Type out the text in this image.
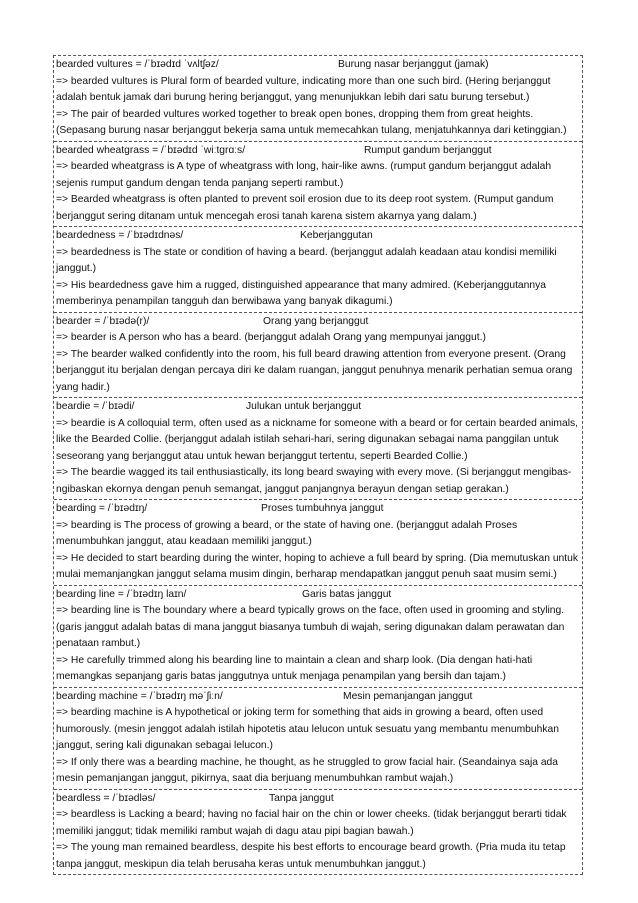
bearded vultures = /ˈbɪədɪd ˈvʌltʃəz/	Burung nasar berjanggut (jamak)

=> bearded vultures is Plural form of bearded vulture, indicating more than one such bird. (Hering berjanggut adalah bentuk jamak dari burung hering berjanggut, yang menunjukkan lebih dari satu burung tersebut.)

=> The pair of bearded vultures worked together to break open bones, dropping them from great heights. (Sepasang burung nasar berjanggut bekerja sama untuk memecahkan tulang, menjatuhkannya dari ketinggian.)

bearded wheatgrass = /ˈbɪədɪd ˈwiːtgrɑːs/	Rumput gandum berjanggut

=> bearded wheatgrass is A type of wheatgrass with long, hair-like awns. (rumput gandum berjanggut adalah sejenis rumput gandum dengan tenda panjang seperti rambut.)

=> Bearded wheatgrass is often planted to prevent soil erosion due to its deep root system. (Rumput gandum berjanggut sering ditanam untuk mencegah erosi tanah karena sistem akarnya yang dalam.)

beardedness = /ˈbɪədɪdnəs/	Keberjanggutan

=> beardedness is The state or condition of having a beard. (berjanggut adalah keadaan atau kondisi memiliki janggut.)

=> His beardedness gave him a rugged, distinguished appearance that many admired. (Keberjanggutannya memberinya penampilan tangguh dan berwibawa yang banyak dikagumi.)

bearder = /ˈbɪədə(r)/	Orang yang berjanggut

=> bearder is A person who has a beard. (berjanggut adalah Orang yang mempunyai janggut.)

=> The bearder walked confidently into the room, his full beard drawing attention from everyone present. (Orang berjanggut itu berjalan dengan percaya diri ke dalam ruangan, janggut penuhnya menarik perhatian semua orang yang hadir.)

beardie = /ˈbɪədi/	Julukan untuk berjanggut

=> beardie is A colloquial term, often used as a nickname for someone with a beard or for certain bearded animals, like the Bearded Collie. (berjanggut adalah istilah sehari-hari, sering digunakan sebagai nama panggilan untuk seseorang yang berjanggut atau untuk hewan berjanggut tertentu, seperti Bearded Collie.)

=> The beardie wagged its tail enthusiastically, its long beard swaying with every move. (Si berjanggut mengibas-ngibaskan ekornya dengan penuh semangat, janggut panjangnya berayun dengan setiap gerakan.)

bearding = /ˈbɪədɪŋ/	Proses tumbuhnya janggut

=> bearding is The process of growing a beard, or the state of having one. (berjanggut adalah Proses menumbuhkan janggut, atau keadaan memiliki janggut.)

=> He decided to start bearding during the winter, hoping to achieve a full beard by spring. (Dia memutuskan untuk mulai memanjangkan janggut selama musim dingin, berharap mendapatkan janggut penuh saat musim semi.)

bearding line = /ˈbɪədɪŋ laɪn/	Garis batas janggut

=> bearding line is The boundary where a beard typically grows on the face, often used in grooming and styling. (garis janggut adalah batas di mana janggut biasanya tumbuh di wajah, sering digunakan dalam perawatan dan penataan rambut.)

=> He carefully trimmed along his bearding line to maintain a clean and sharp look. (Dia dengan hati-hati memangkas sepanjang garis batas janggutnya untuk menjaga penampilan yang bersih dan tajam.)

bearding machine = /ˈbɪədɪŋ məˈʃiːn/	Mesin pemanjangan janggut

=> bearding machine is A hypothetical or joking term for something that aids in growing a beard, often used humorously. (mesin jenggot adalah istilah hipotetis atau lelucon untuk sesuatu yang membantu menumbuhkan janggut, sering kali digunakan sebagai lelucon.)

=> If only there was a bearding machine, he thought, as he struggled to grow facial hair. (Seandainya saja ada mesin pemanjangan janggut, pikirnya, saat dia berjuang menumbuhkan rambut wajah.)

beardless = /ˈbɪədləs/	Tanpa janggut

=> beardless is Lacking a beard; having no facial hair on the chin or lower cheeks. (tidak berjanggut berarti tidak memiliki janggut; tidak memiliki rambut wajah di dagu atau pipi bagian bawah.)

=> The young man remained beardless, despite his best efforts to encourage beard growth. (Pria muda itu tetap tanpa janggut, meskipun dia telah berusaha keras untuk menumbuhkan janggut.)
